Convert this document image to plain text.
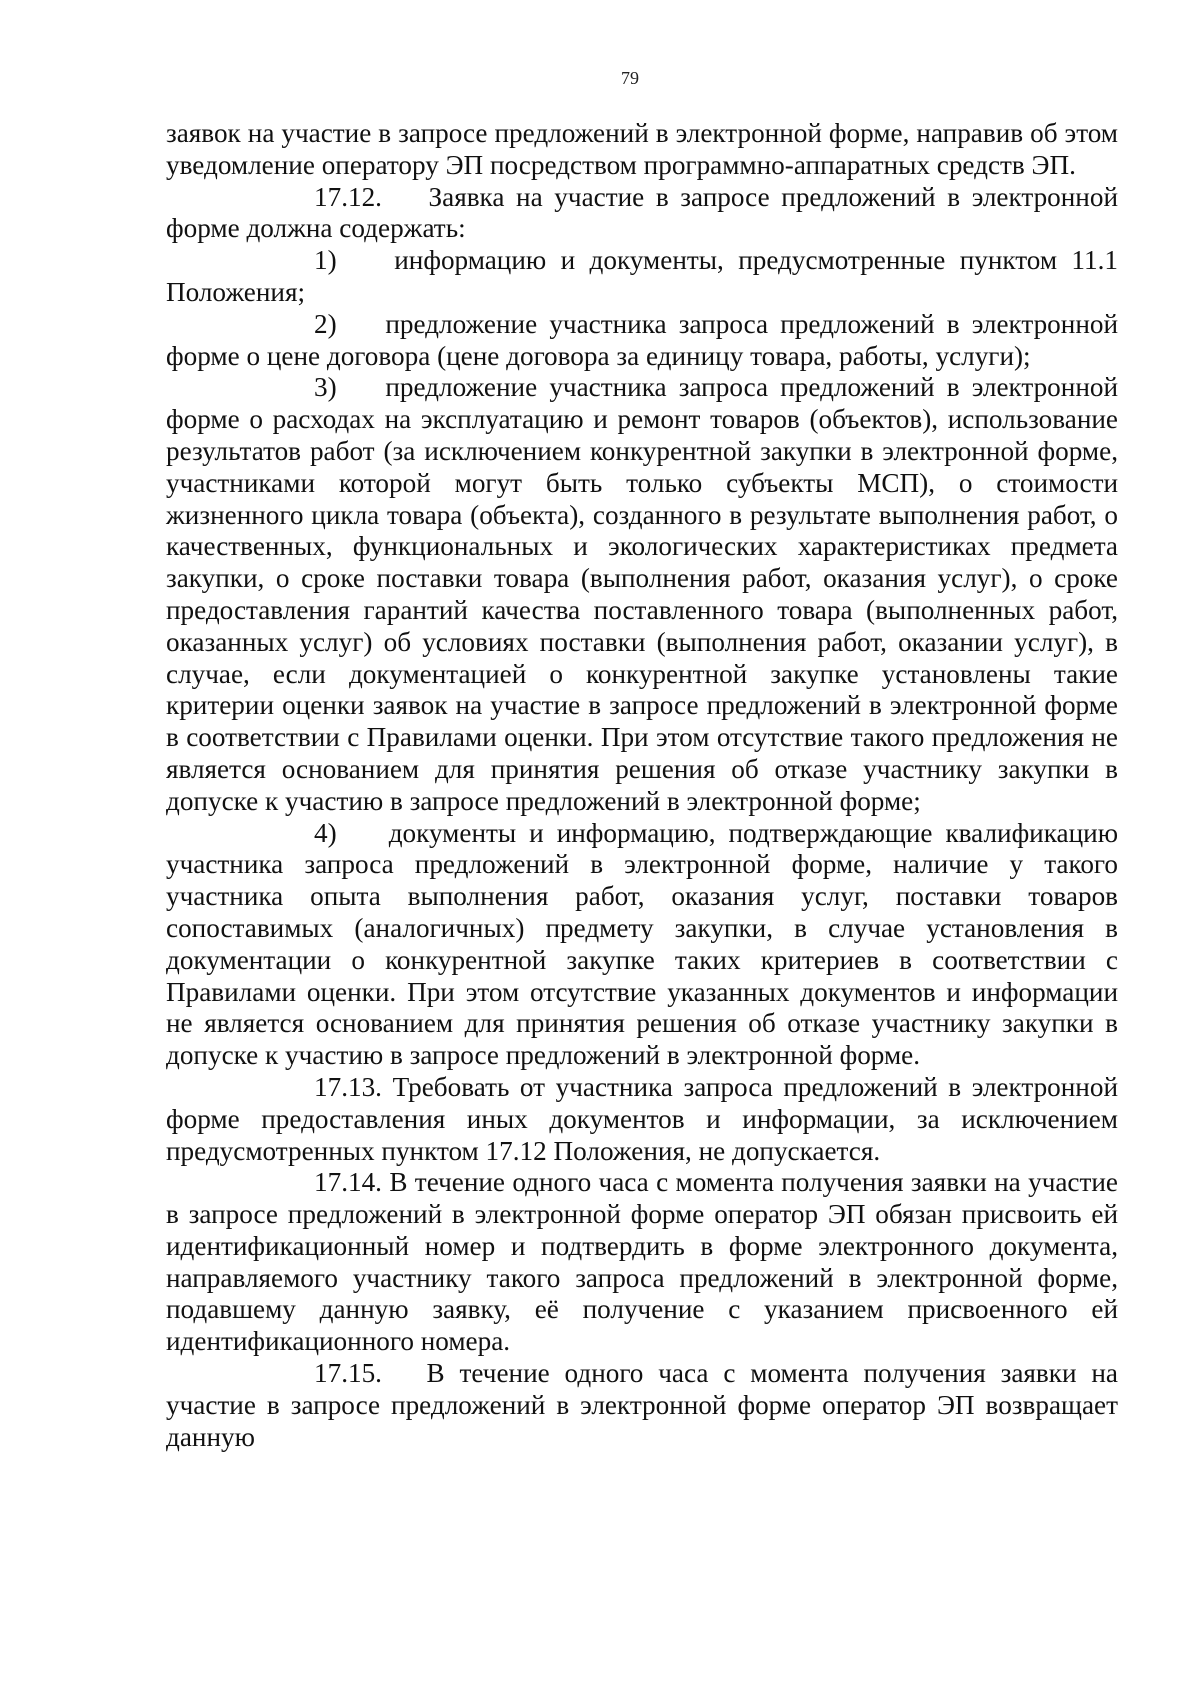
79

заявок на участие в запросе предложений в электронной форме, направив об этом уведомление оператору ЭП посредством программно-аппаратных средств ЭП.

17.12. Заявка на участие в запросе предложений в электронной форме должна содержать:

1) информацию и документы, предусмотренные пунктом 11.1 Положения;

2) предложение участника запроса предложений в электронной форме о цене договора (цене договора за единицу товара, работы, услуги);

3) предложение участника запроса предложений в электронной форме о расходах на эксплуатацию и ремонт товаров (объектов), использование результатов работ (за исключением конкурентной закупки в электронной форме, участниками которой могут быть только субъекты МСП), о стоимости жизненного цикла товара (объекта), созданного в результате выполнения работ, о качественных, функциональных и экологических характеристиках предмета закупки, о сроке поставки товара (выполнения работ, оказания услуг), о сроке предоставления гарантий качества поставленного товара (выполненных работ, оказанных услуг) об условиях поставки (выполнения работ, оказании услуг), в случае, если документацией о конкурентной закупке установлены такие критерии оценки заявок на участие в запросе предложений в электронной форме в соответствии с Правилами оценки. При этом отсутствие такого предложения не является основанием для принятия решения об отказе участнику закупки в допуске к участию в запросе предложений в электронной форме;

4) документы и информацию, подтверждающие квалификацию участника запроса предложений в электронной форме, наличие у такого участника опыта выполнения работ, оказания услуг, поставки товаров сопоставимых (аналогичных) предмету закупки, в случае установления в документации о конкурентной закупке таких критериев в соответствии с Правилами оценки. При этом отсутствие указанных документов и информации не является основанием для принятия решения об отказе участнику закупки в допуске к участию в запросе предложений в электронной форме.

17.13. Требовать от участника запроса предложений в электронной форме предоставления иных документов и информации, за исключением предусмотренных пунктом 17.12 Положения, не допускается.

17.14. В течение одного часа с момента получения заявки на участие в запросе предложений в электронной форме оператор ЭП обязан присвоить ей идентификационный номер и подтвердить в форме электронного документа, направляемого участнику такого запроса предложений в электронной форме, подавшему данную заявку, её получение с указанием присвоенного ей идентификационного номера.

17.15. В течение одного часа с момента получения заявки на участие в запросе предложений в электронной форме оператор ЭП возвращает данную
